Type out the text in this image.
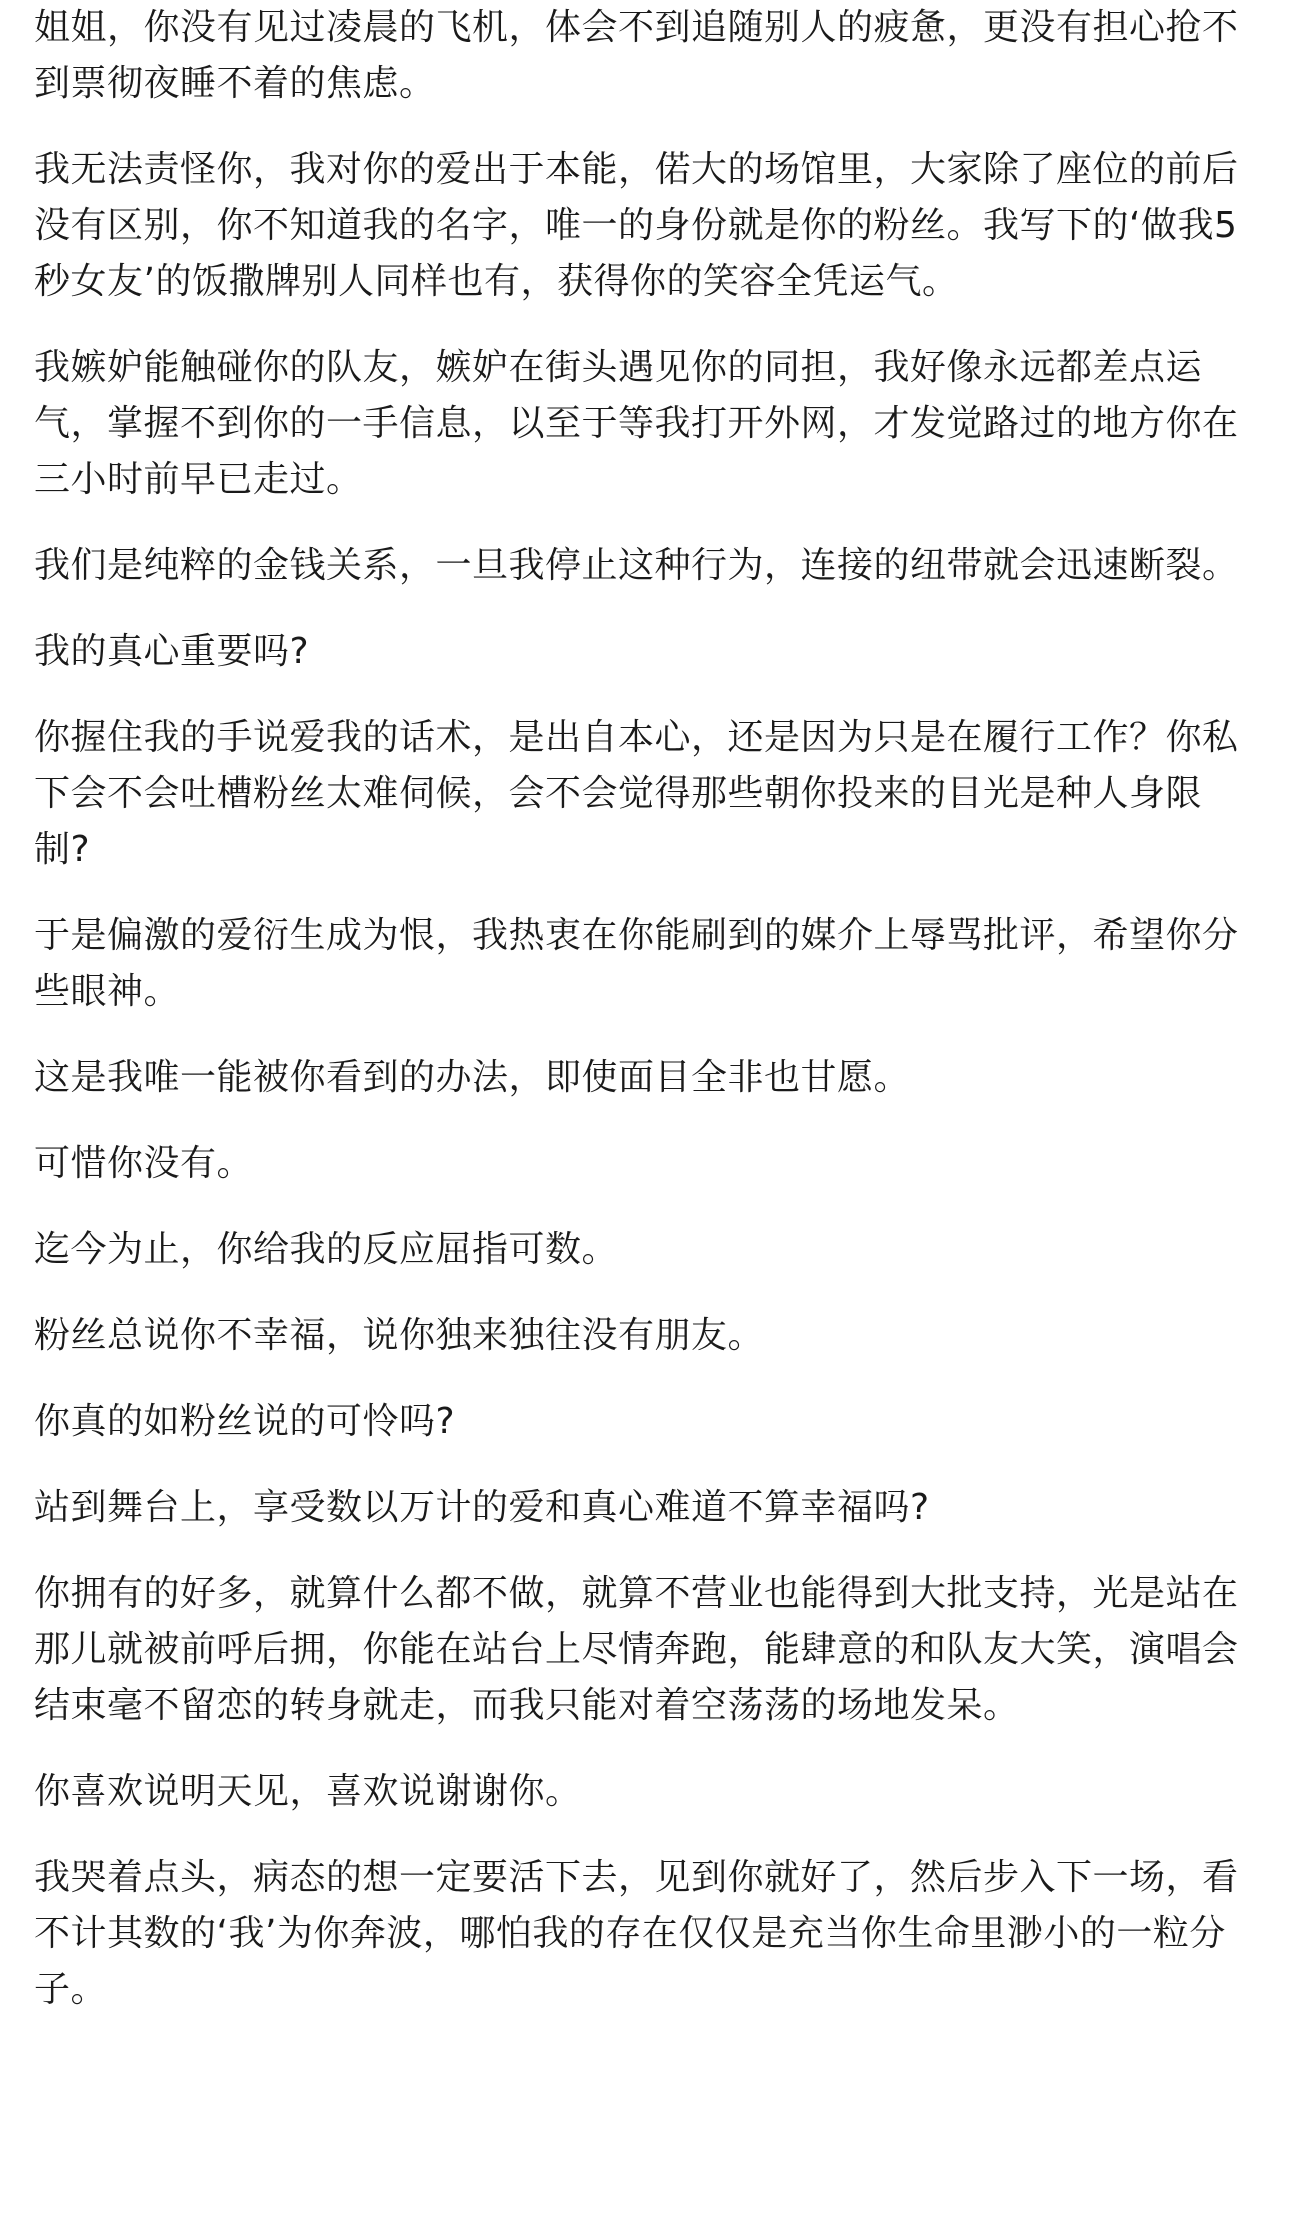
姐姐，你没有见过凌晨的飞机，体会不到追随别人的疲惫，更没有担心抢不到票彻夜睡不着的焦虑。

我无法责怪你，我对你的爱出于本能，偌大的场馆里，大家除了座位的前后没有区别，你不知道我的名字，唯一的身份就是你的粉丝。我写下的‘做我5秒女友’的饭撒牌别人同样也有，获得你的笑容全凭运气。

我嫉妒能触碰你的队友，嫉妒在街头遇见你的同担，我好像永远都差点运气，掌握不到你的一手信息，以至于等我打开外网，才发觉路过的地方你在三小时前早已走过。

我们是纯粹的金钱关系，一旦我停止这种行为，连接的纽带就会迅速断裂。

我的真心重要吗?

你握住我的手说爱我的话术，是出自本心，还是因为只是在履行工作？你私下会不会吐槽粉丝太难伺候，会不会觉得那些朝你投来的目光是种人身限制?

于是偏激的爱衍生成为恨，我热衷在你能刷到的媒介上辱骂批评，希望你分些眼神。

这是我唯一能被你看到的办法，即使面目全非也甘愿。

可惜你没有。

迄今为止，你给我的反应屈指可数。

粉丝总说你不幸福，说你独来独往没有朋友。

你真的如粉丝说的可怜吗?

站到舞台上，享受数以万计的爱和真心难道不算幸福吗?

你拥有的好多，就算什么都不做，就算不营业也能得到大批支持，光是站在那儿就被前呼后拥，你能在站台上尽情奔跑，能肆意的和队友大笑，演唱会结束毫不留恋的转身就走，而我只能对着空荡荡的场地发呆。

你喜欢说明天见，喜欢说谢谢你。

我哭着点头，病态的想一定要活下去，见到你就好了，然后步入下一场，看不计其数的‘我’为你奔波，哪怕我的存在仅仅是充当你生命里渺小的一粒分子。
